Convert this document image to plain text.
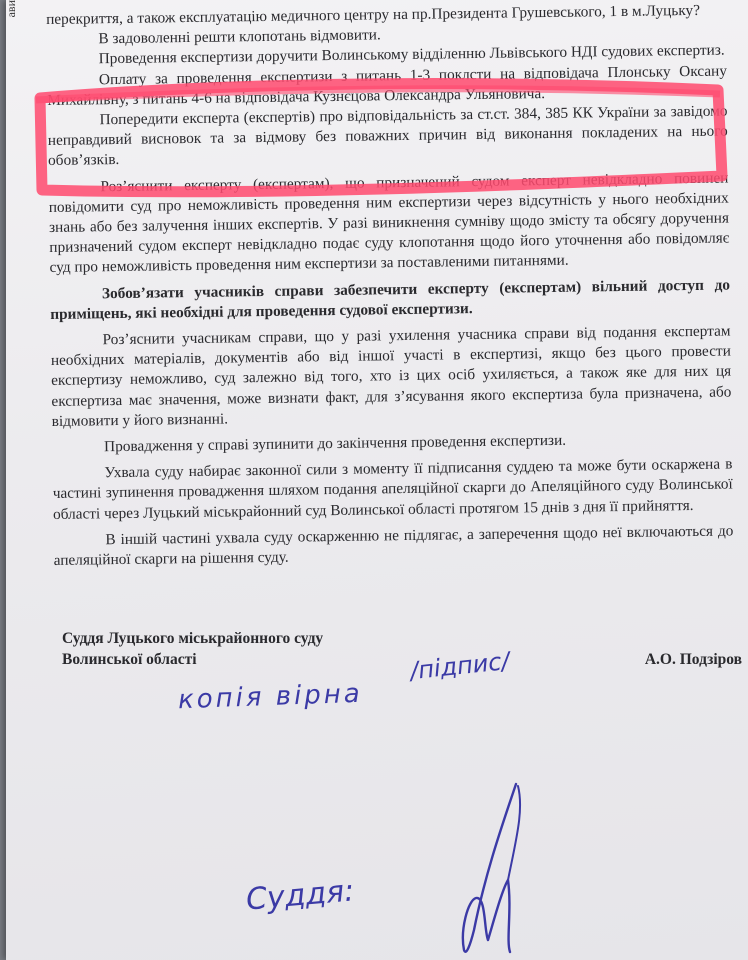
ави перекриття, а також експлуатацію медичного центру на пр.Президента Грушевського, 1 в м.Луцьку?

В задоволенні решти клопотань відмовити.

Проведення експертизи доручити Волинському відділенню Львівського НДІ судових експертиз.

Оплату за проведення експертизи з питань 1-3 поклсти на відповідача Плонську Оксану Михайлівну, з питань 4-6 на відповідача Кузнєцова Олександра Ульяновича.

Попередити експерта (експертів) про відповідальність за ст.ст. 384, 385 КК України за завідомо неправдивий висновок та за відмову без поважних причин від виконання покладених на нього обов’язків.

Роз’яснити експерту (експертам), що призначений судом експерт невідкладно повинен повідомити суд про неможливість проведення ним експертизи через відсутність у нього необхідних знань або без залучення інших експертів. У разі виникнення сумніву щодо змісту та обсягу доручення призначений судом експерт невідкладно подає суду клопотання щодо його уточнення або повідомляє суд про неможливість проведення ним експертизи за поставленими питаннями.

Зобов’язати учасників справи забезпечити експерту (експертам) вільний доступ до приміщень, які необхідні для проведення судової експертизи.

Роз’яснити учасникам справи, що у разі ухилення учасника справи від подання експертам необхідних матеріалів, документів або від іншої участі в експертизі, якщо без цього провести експертизу неможливо, суд залежно від того, хто із цих осіб ухиляється, а також яке для них ця експертиза має значення, може визнати факт, для з’ясування якого експертиза була призначена, або відмовити у його визнанні.

Провадження у справі зупинити до закінчення проведення експертизи.

Ухвала суду набирає законної сили з моменту її підписання суддею та може бути оскаржена в частині зупинення провадження шляхом подання апеляційної скарги до Апеляційного суду Волинської області через Луцький міськрайонний суд Волинської області протягом 15 днів з дня її прийняття.

В іншій частині ухвала суду оскарженню не підлягає, а заперечення щодо неї включаються до апеляційної скарги на рішення суду.

Суддя Луцького міськрайонного суду
Волинської області	А.О. Подзіров
/підпис/
копія вірна
Суддя:
